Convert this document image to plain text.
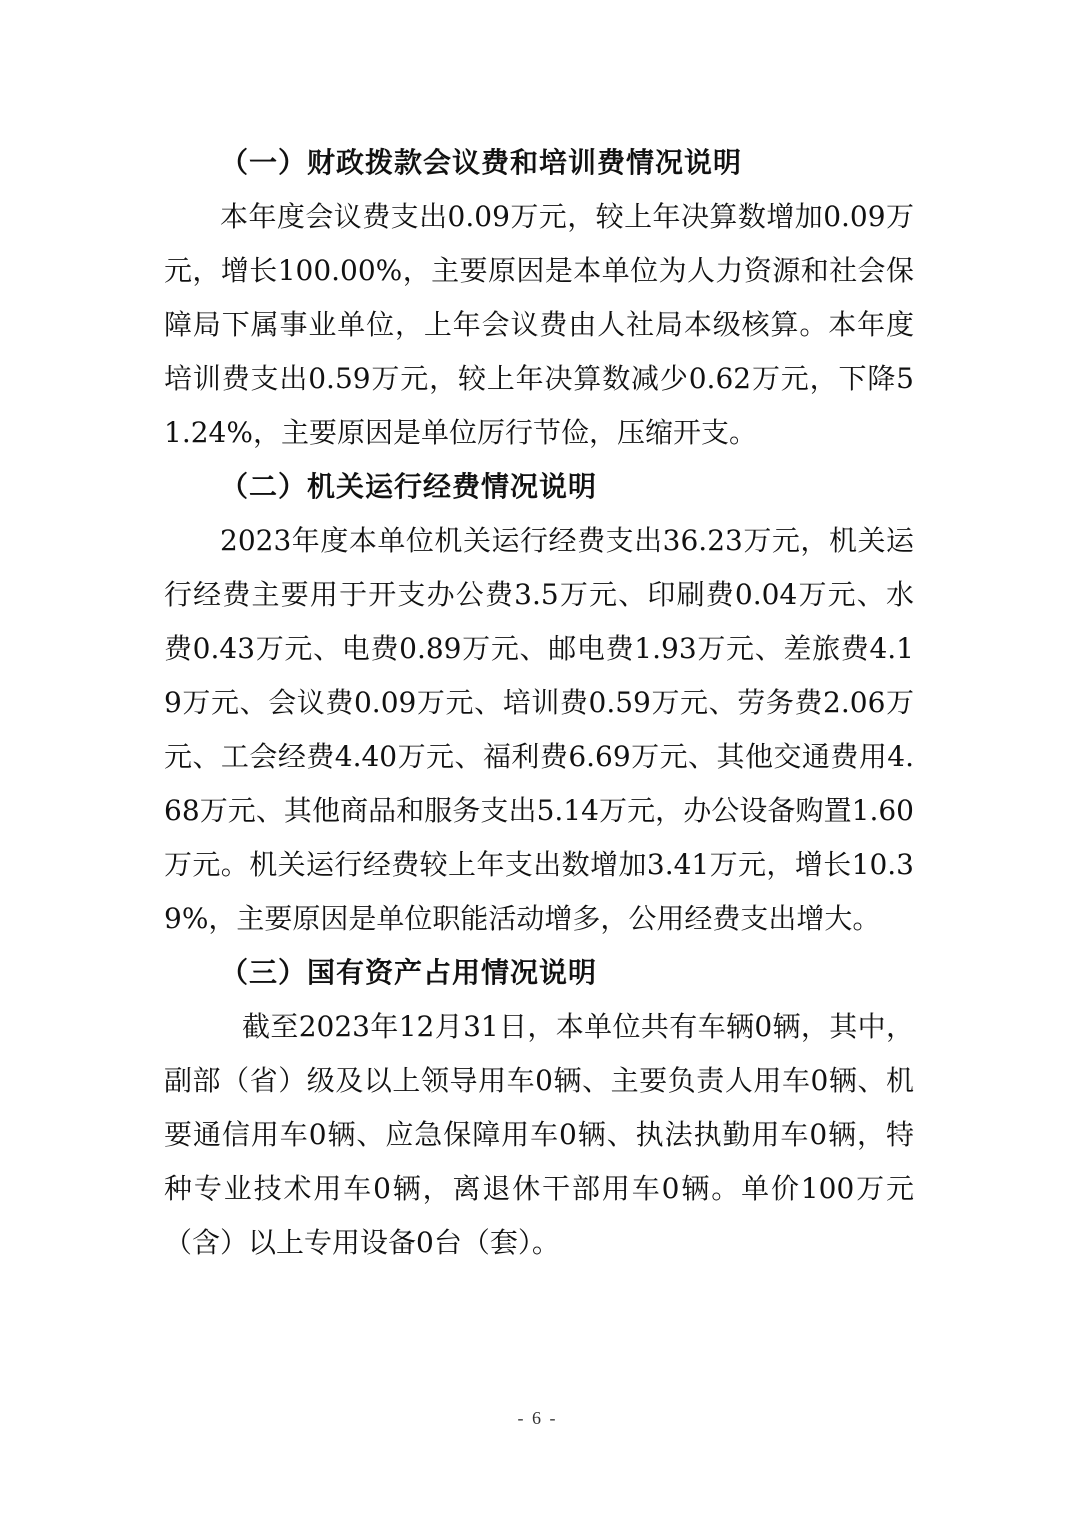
（一）财政拨款会议费和培训费情况说明

本年度会议费支出0.09万元，较上年决算数增加0.09万元，增长100.00%，主要原因是本单位为人力资源和社会保障局下属事业单位，上年会议费由人社局本级核算。本年度培训费支出0.59万元，较上年决算数减少0.62万元，下降51.24%，主要原因是单位厉行节俭，压缩开支。

（二）机关运行经费情况说明

2023年度本单位机关运行经费支出36.23万元，机关运行经费主要用于开支办公费3.5万元、印刷费0.04万元、水费0.43万元、电费0.89万元、邮电费1.93万元、差旅费4.19万元、会议费0.09万元、培训费0.59万元、劳务费2.06万元、工会经费4.40万元、福利费6.69万元、其他交通费用4.68万元、其他商品和服务支出5.14万元，办公设备购置1.60万元。机关运行经费较上年支出数增加3.41万元，增长10.39%，主要原因是单位职能活动增多，公用经费支出增大。

（三）国有资产占用情况说明

截至2023年12月31日，本单位共有车辆0辆，其中，副部（省）级及以上领导用车0辆、主要负责人用车0辆、机要通信用车0辆、应急保障用车0辆、执法执勤用车0辆，特种专业技术用车0辆，离退休干部用车0辆。单价100万元（含）以上专用设备0台（套）。

- 6 -
